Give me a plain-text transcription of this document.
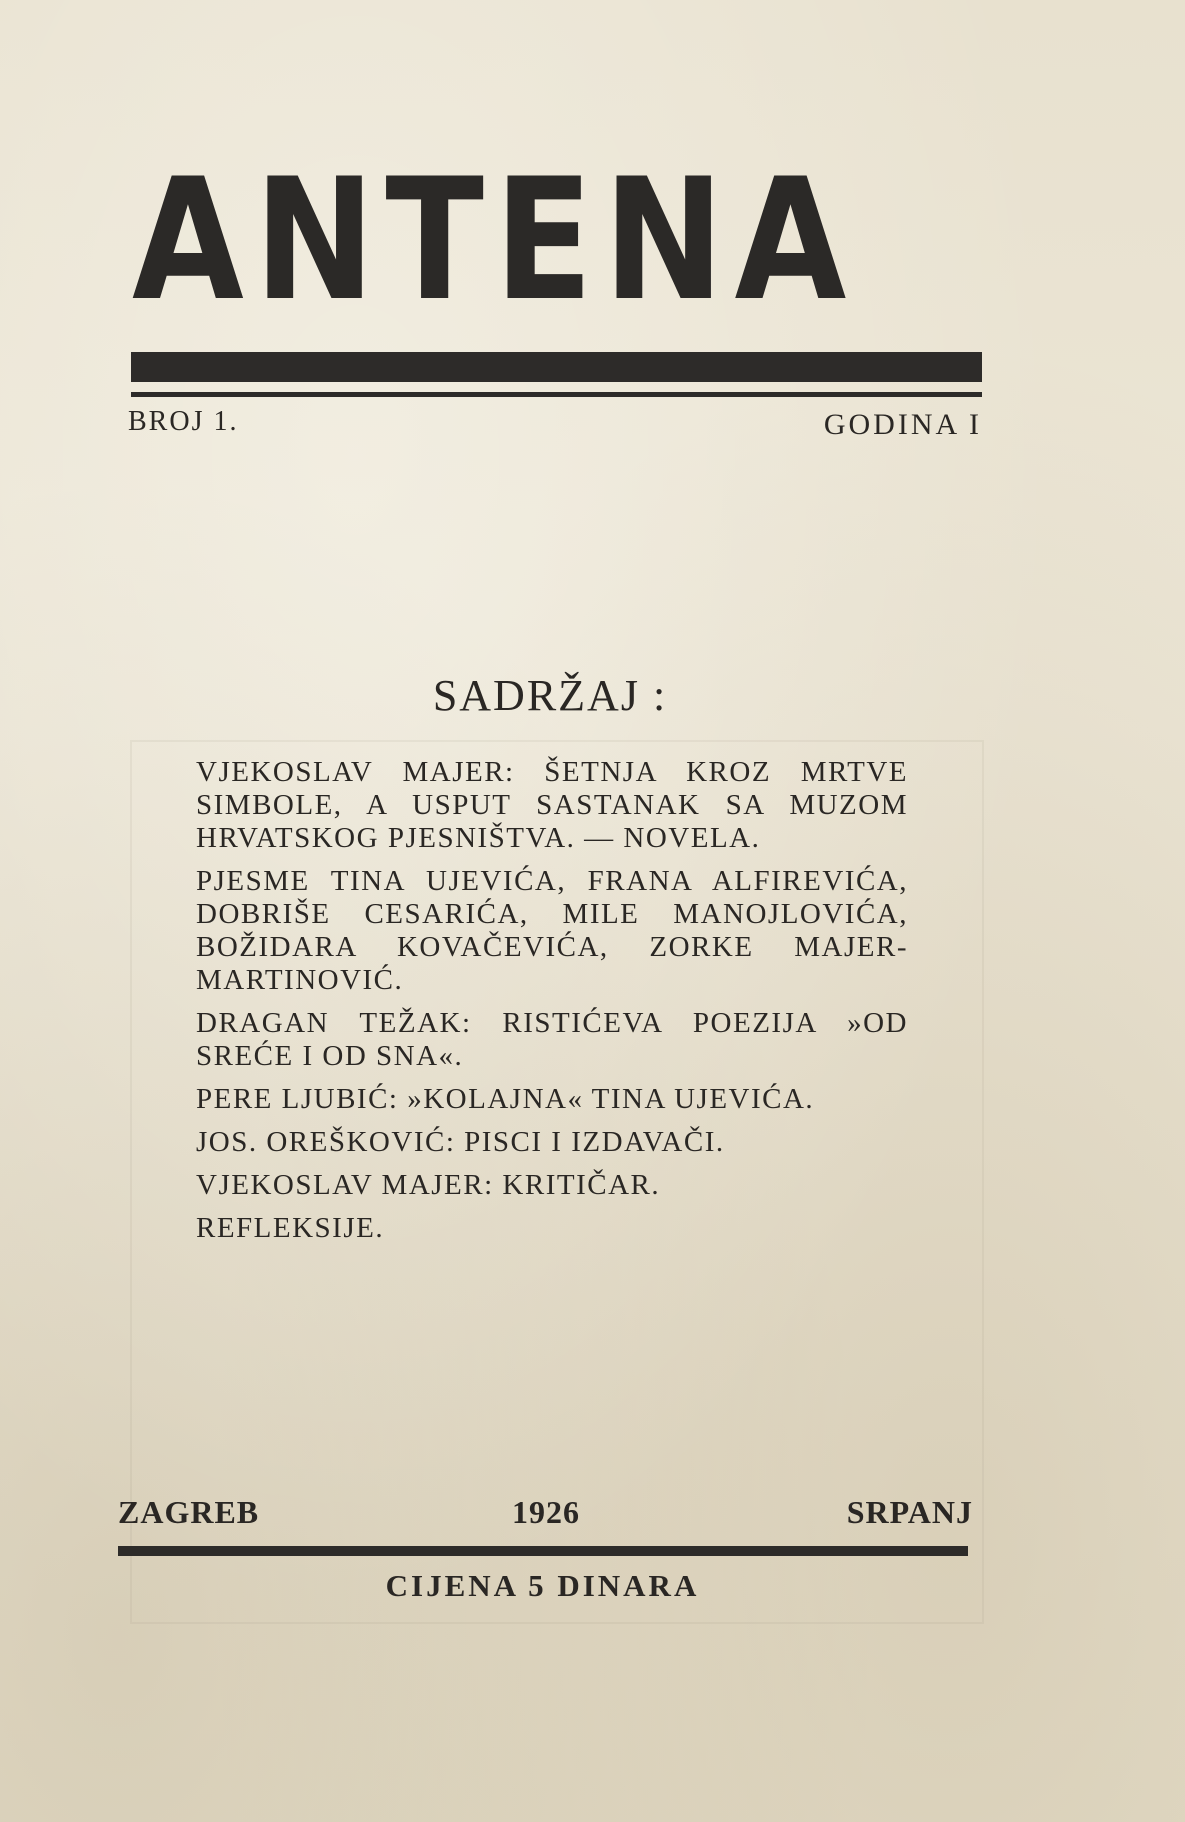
ANTENA
BROJ 1.	GODINA I
SADRŽAJ :
VJEKOSLAV MAJER: ŠETNJA KROZ MRTVE SIMBOLE, A USPUT SASTANAK SA MUZOM HRVATSKOG PJESNIŠTVA. — NOVELA.
PJESME TINA UJEVIĆA, FRANA ALFIREVIĆA, DOBRIŠE CESARIĆA, MILE MANOJLOVIĆA, BOŽIDARA KOVAČEVIĆA, ZORKE MAJER-MARTINOVIĆ.
DRAGAN TEŽAK: RISTIĆEVA POEZIJA »OD SREĆE I OD SNA«.
PERE LJUBIĆ: »KOLAJNA« TINA UJEVIĆA.
JOS. OREŠKOVIĆ: PISCI I IZDAVAČI.
VJEKOSLAV MAJER: KRITIČAR.
REFLEKSIJE.
ZAGREB	1926	SRPANJ
CIJENA 5 DINARA
